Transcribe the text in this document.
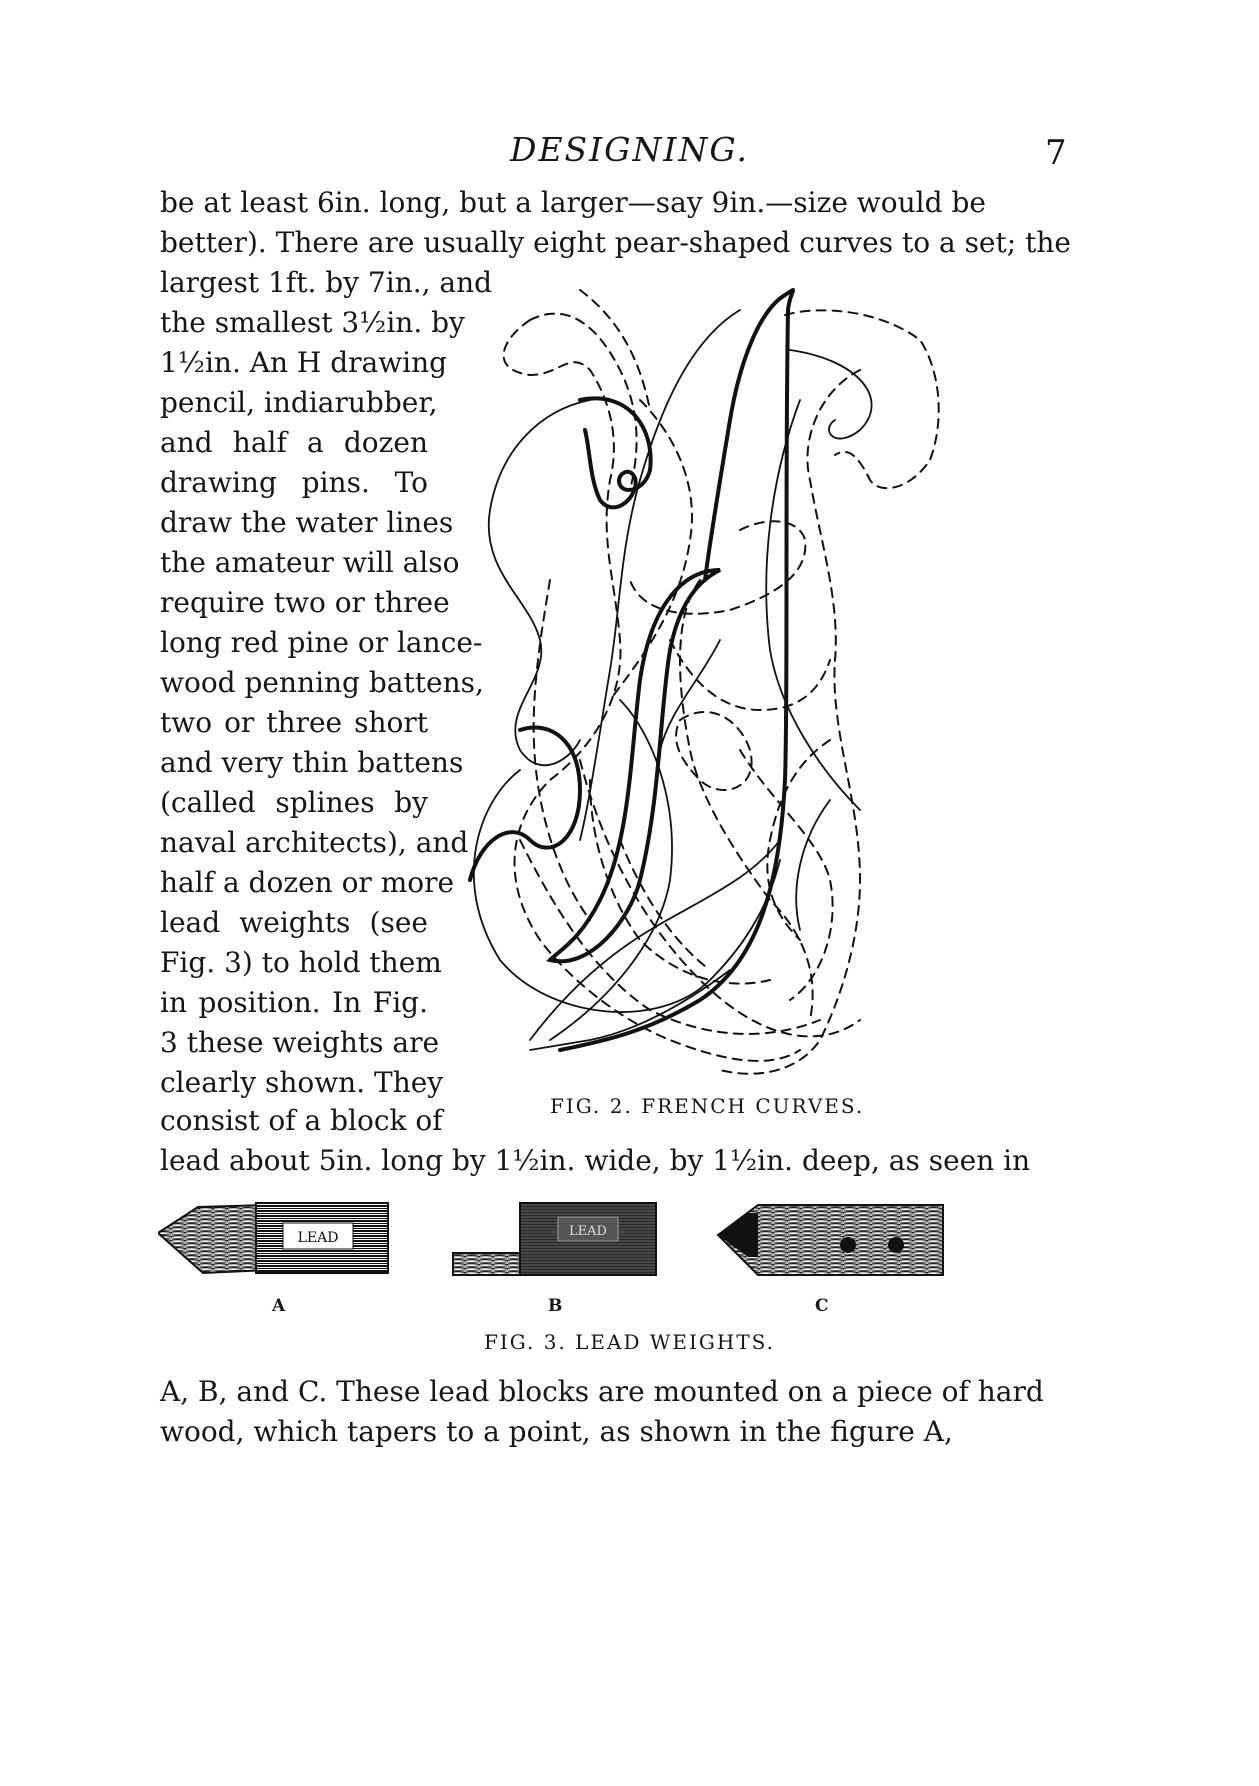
DESIGNING.	7
be at least 6in. long, but a larger—say 9in.—size would be
better). There are usually eight pear-shaped curves to a set; the
largest 1ft. by 7in., and
the smallest 3½in. by
1½in. An H drawing
pencil, indiarubber,
and half a dozen
drawing pins. To
draw the water lines
the amateur will also
require two or three
long red pine or lance-
wood penning battens,
two or three short
and very thin battens
(called splines by
naval architects), and
half a dozen or more
lead weights (see
Fig. 3) to hold them
in position. In Fig.
3 these weights are
clearly shown. They
consist of a block of
lead about 5in. long by 1½in. wide, by 1½in. deep, as seen in
FIG. 2. FRENCH CURVES.
LEAD	LEAD
A	B	C
FIG. 3. LEAD WEIGHTS.
A, B, and C. These lead blocks are mounted on a piece of hard
wood, which tapers to a point, as shown in the figure A,
